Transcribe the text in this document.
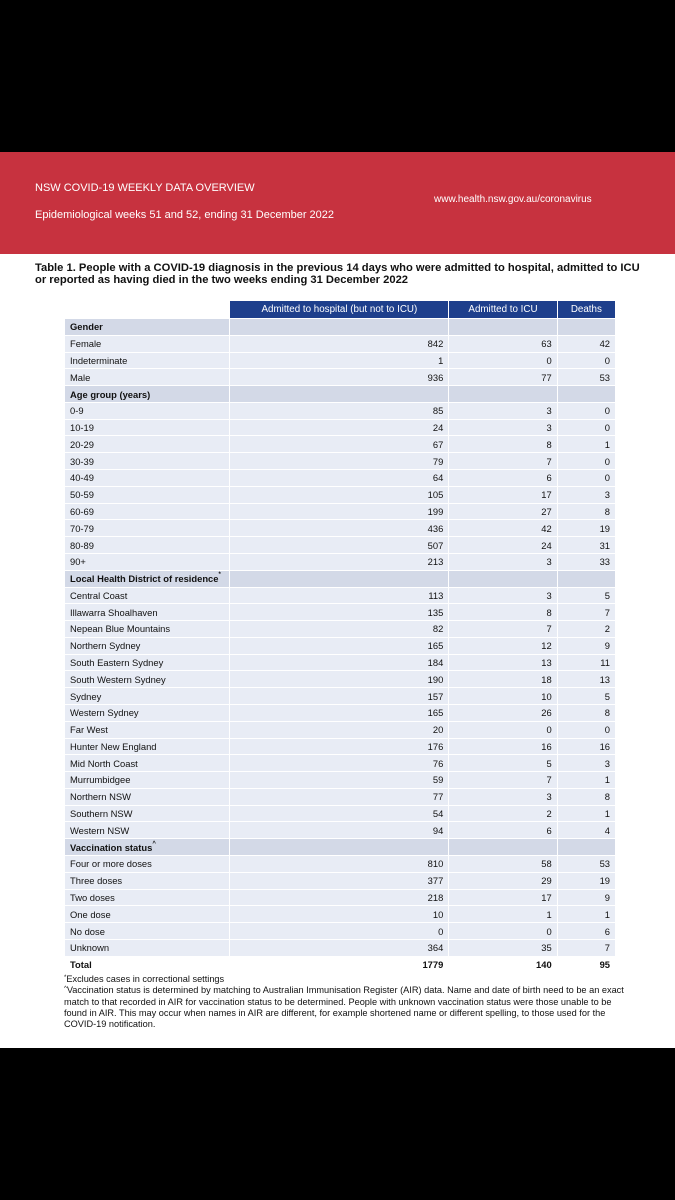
NSW COVID-19 WEEKLY DATA OVERVIEW
Epidemiological weeks 51 and 52, ending 31 December 2022
www.health.nsw.gov.au/coronavirus
Table 1. People with a COVID-19 diagnosis in the previous 14 days who were admitted to hospital, admitted to ICU or reported as having died in the two weeks ending 31 December 2022
	Admitted to hospital (but not to ICU)	Admitted to ICU	Deaths
Gender			
Female	842	63	42
Indeterminate	1	0	0
Male	936	77	53
Age group (years)			
0-9	85	3	0
10-19	24	3	0
20-29	67	8	1
30-39	79	7	0
40-49	64	6	0
50-59	105	17	3
60-69	199	27	8
70-79	436	42	19
80-89	507	24	31
90+	213	3	33
Local Health District of residence*			
Central Coast	113	3	5
Illawarra Shoalhaven	135	8	7
Nepean Blue Mountains	82	7	2
Northern Sydney	165	12	9
South Eastern Sydney	184	13	11
South Western Sydney	190	18	13
Sydney	157	10	5
Western Sydney	165	26	8
Far West	20	0	0
Hunter New England	176	16	16
Mid North Coast	76	5	3
Murrumbidgee	59	7	1
Northern NSW	77	3	8
Southern NSW	54	2	1
Western NSW	94	6	4
Vaccination status^			
Four or more doses	810	58	53
Three doses	377	29	19
Two doses	218	17	9
One dose	10	1	1
No dose	0	0	6
Unknown	364	35	7
Total	1779	140	95

*Excludes cases in correctional settings

^Vaccination status is determined by matching to Australian Immunisation Register (AIR) data. Name and date of birth need to be an exact match to that recorded in AIR for vaccination status to be determined. People with unknown vaccination status were those unable to be found in AIR. This may occur when names in AIR are different, for example shortened name or different spelling, to those used for the COVID-19 notification.
